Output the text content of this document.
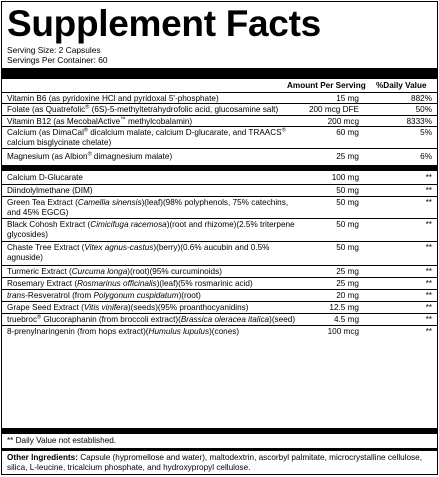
Supplement Facts
Serving Size: 2 Capsules
Servings Per Container: 60
Amount Per Serving %Daily Value
Vitamin B6 (as pyridoxine HCl and pyridoxal 5'-phosphate)	15 mg	882%
Folate (as Quatrefolic® (6S)-5-methyltetrahydrofolic acid, glucosamine salt)	200 mcg DFE	50%
Vitamin B12 (as MecobalActive™ methylcobalamin)	200 mcg	8333%
Calcium (as DimaCal® dicalcium malate, calcium D-glucarate, and TRAACS®
calcium bisglycinate chelate)
60 mg	5%
Magnesium (as Albion® dimagnesium malate)	25 mg	6%
Calcium D-Glucarate	100 mg	**
Diindolylmethane (DIM)	50 mg	**
Green Tea Extract (Camellia sinensis)(leaf)(98% polyphenols, 75% catechins,
and 45% EGCG)
50 mg	**
Black Cohosh Extract (Cimicifuga racemosa)(root and rhizome)(2.5% triterpene
glycosides)
50 mg	**
Chaste Tree Extract (Vitex agnus-castus)(berry)(0.6% aucubin and 0.5%
agnuside)
50 mg	**
Turmeric Extract (Curcuma longa)(root)(95% curcuminoids)	25 mg	**
Rosemary Extract (Rosmarinus officinalis)(leaf)(5% rosmarinic acid)	25 mg	**
trans-Resveratrol (from Polygonum cuspidatum)(root)	20 mg	**
Grape Seed Extract (Vitis vinifera)(seeds)(95% proanthocyanidins)	12.5 mg	**
truebroc® Glucoraphanin (from broccoli extract)(Brassica oleracea italica)(seed)	4.5 mg	**
8-prenylnaringenin (from hops extract)(Humulus lupulus)(cones)	100 mcg	**
** Daily Value not established.
Other Ingredients: Capsule (hypromellose and water), maltodextrin, ascorbyl palmitate, microcrystalline cellulose, silica, L-leucine, tricalcium phosphate, and hydroxypropyl cellulose.
